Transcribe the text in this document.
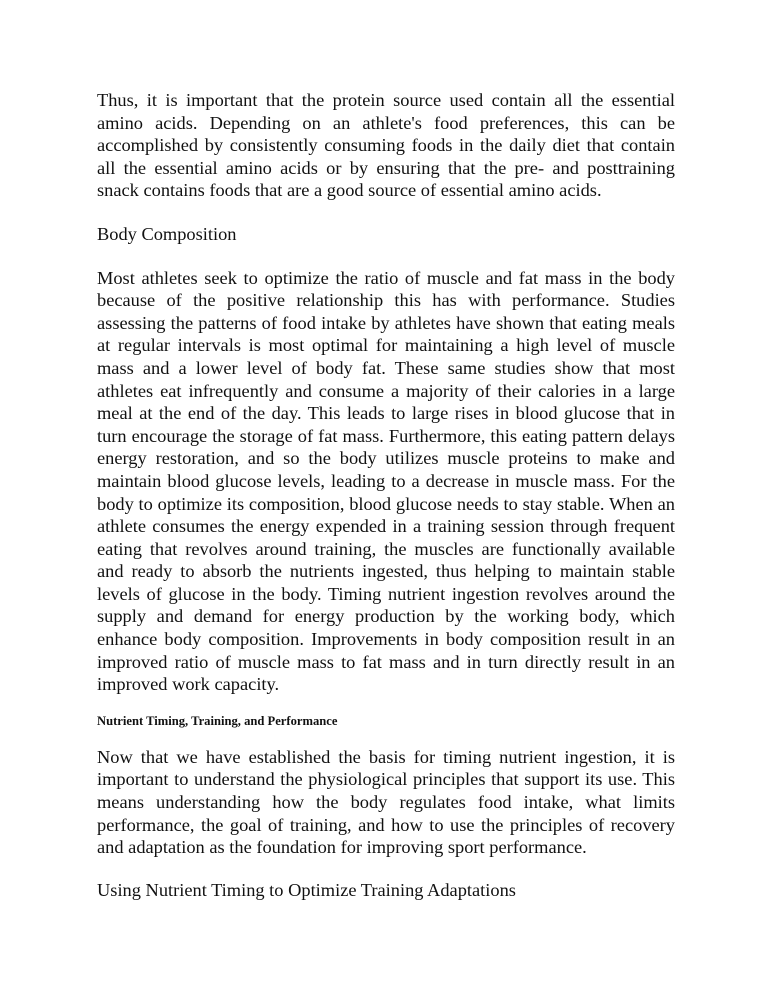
Thus, it is important that the protein source used contain all the essential amino acids. Depending on an athlete's food preferences, this can be accomplished by consistently consuming foods in the daily diet that contain all the essential amino acids or by ensuring that the pre- and posttraining snack contains foods that are a good source of essential amino acids.

Body Composition

Most athletes seek to optimize the ratio of muscle and fat mass in the body because of the positive relationship this has with performance. Studies assessing the patterns of food intake by athletes have shown that eating meals at regular intervals is most optimal for maintaining a high level of muscle mass and a lower level of body fat. These same studies show that most athletes eat infrequently and consume a majority of their calories in a large meal at the end of the day. This leads to large rises in blood glucose that in turn encourage the storage of fat mass. Furthermore, this eating pattern delays energy restoration, and so the body utilizes muscle proteins to make and maintain blood glucose levels, leading to a decrease in muscle mass. For the body to optimize its composition, blood glucose needs to stay stable. When an athlete consumes the energy expended in a training session through frequent eating that revolves around training, the muscles are functionally available and ready to absorb the nutrients ingested, thus helping to maintain stable levels of glucose in the body. Timing nutrient ingestion revolves around the supply and demand for energy production by the working body, which enhance body composition. Improvements in body composition result in an improved ratio of muscle mass to fat mass and in turn directly result in an improved work capacity.

Nutrient Timing, Training, and Performance

Now that we have established the basis for timing nutrient ingestion, it is important to understand the physiological principles that support its use. This means understanding how the body regulates food intake, what limits performance, the goal of training, and how to use the principles of recovery and adaptation as the foundation for improving sport performance.

Using Nutrient Timing to Optimize Training Adaptations
